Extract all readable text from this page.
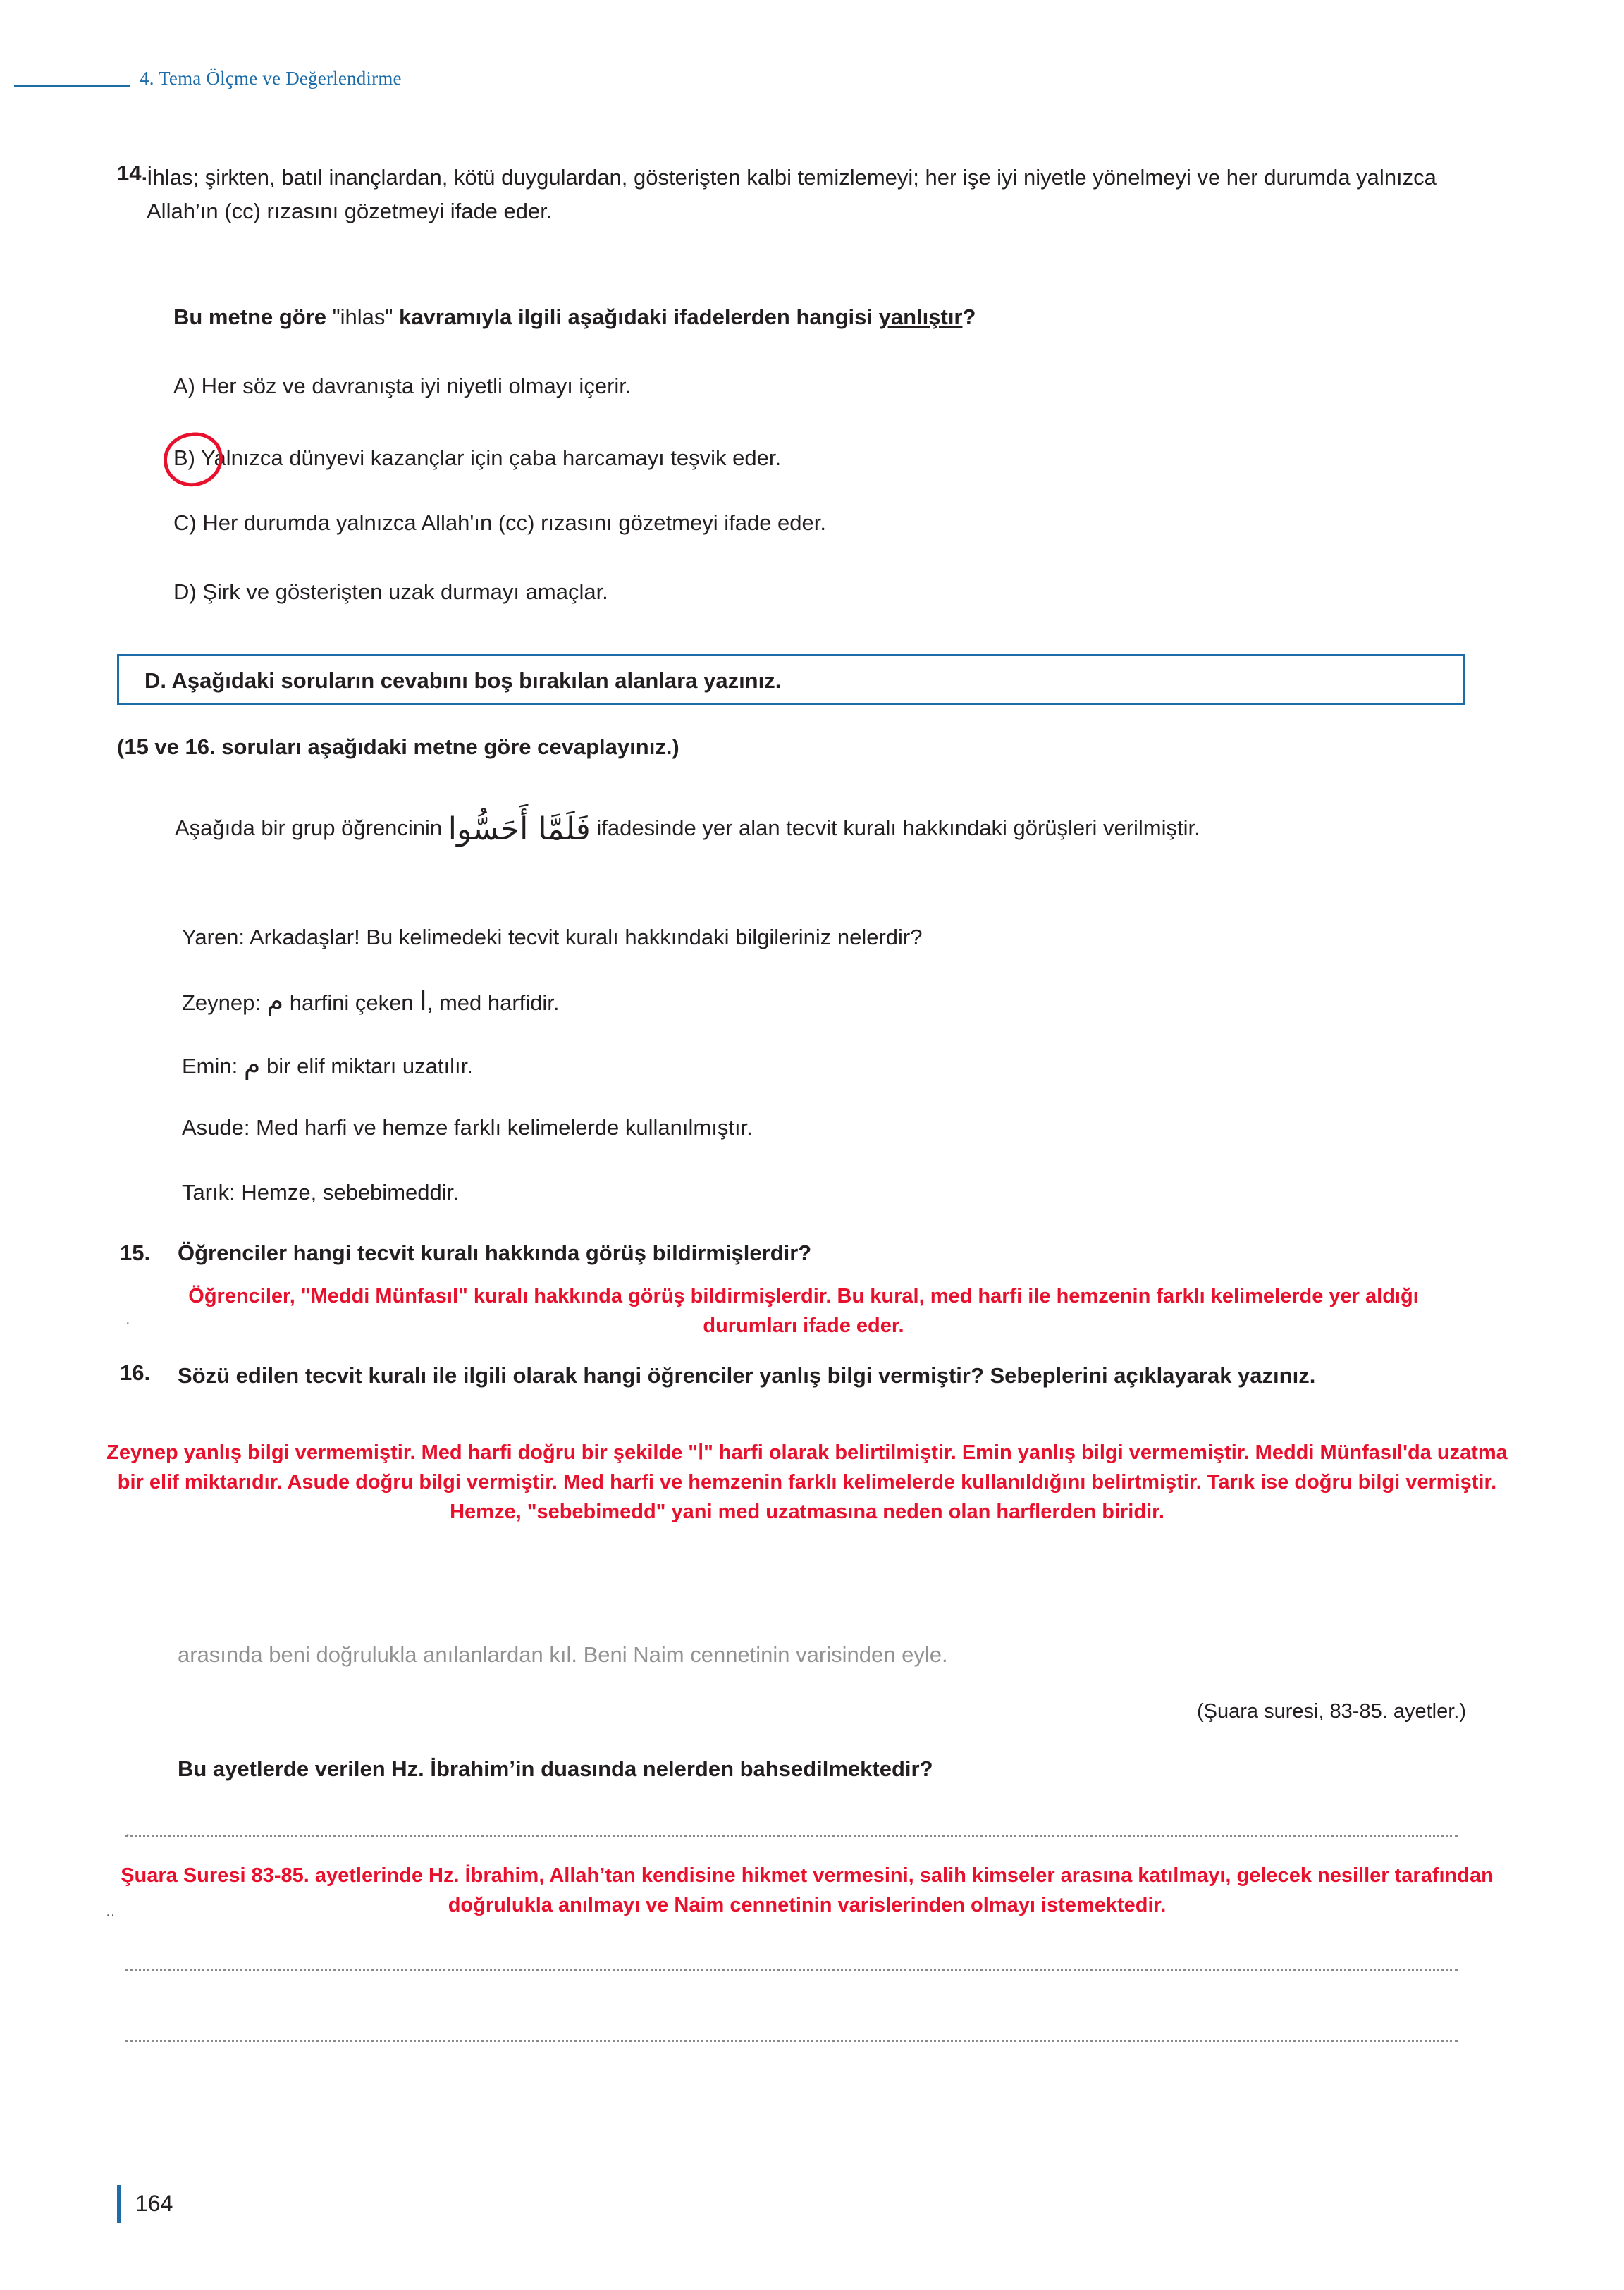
4. Tema Ölçme ve Değerlendirme
14.
İhlas; şirkten, batıl inançlardan, kötü duygulardan, gösterişten kalbi temizlemeyi; her işe iyi niyetle yönelmeyi ve her durumda yalnızca Allah’ın (cc) rızasını gözetmeyi ifade eder.
Bu metne göre "ihlas" kavramıyla ilgili aşağıdaki ifadelerden hangisi yanlıştır?
A) Her söz ve davranışta iyi niyetli olmayı içerir.
B) Yalnızca dünyevi kazançlar için çaba harcamayı teşvik eder.
C) Her durumda yalnızca Allah'ın (cc) rızasını gözetmeyi ifade eder.
D) Şirk ve gösterişten uzak durmayı amaçlar.
D. Aşağıdaki soruların cevabını boş bırakılan alanlara yazınız.
(15 ve 16. soruları aşağıdaki metne göre cevaplayınız.)
Aşağıda bir grup öğrencinin فَلَمَّا أَحَسُّوا ifadesinde yer alan tecvit kuralı hakkındaki görüşleri verilmiştir.
Yaren: Arkadaşlar! Bu kelimedeki tecvit kuralı hakkındaki bilgileriniz nelerdir?
Zeynep: م harfini çeken ا, med harfidir.
Emin: م bir elif miktarı uzatılır.
Asude: Med harfi ve hemze farklı kelimelerde kullanılmıştır.
Tarık: Hemze, sebebimeddir.
15. Öğrenciler hangi tecvit kuralı hakkında görüş bildirmişlerdir?
·
Öğrenciler, "Meddi Münfasıl" kuralı hakkında görüş bildirmişlerdir. Bu kural, med harfi ile hemzenin farklı kelimelerde yer aldığı durumları ifade eder.
16. Sözü edilen tecvit kuralı ile ilgili olarak hangi öğrenciler yanlış bilgi vermiştir? Sebeplerini açıklayarak yazınız.
Zeynep yanlış bilgi vermemiştir. Med harfi doğru bir şekilde "ا" harfi olarak belirtilmiştir. Emin yanlış bilgi vermemiştir. Meddi Münfasıl'da uzatma bir elif miktarıdır. Asude doğru bilgi vermiştir. Med harfi ve hemzenin farklı kelimelerde kullanıldığını belirtmiştir. Tarık ise doğru bilgi vermiştir. Hemze, "sebebimedd" yani med uzatmasına neden olan harflerden biridir.
arasında beni doğrulukla anılanlardan kıl. Beni Naim cennetinin varisinden eyle.
(Şuara suresi, 83-85. ayetler.)
Bu ayetlerde verilen Hz. İbrahim’in duasında nelerden bahsedilmektedir?
·
··
Şuara Suresi 83-85. ayetlerinde Hz. İbrahim, Allah’tan kendisine hikmet vermesini, salih kimseler arasına katılmayı, gelecek nesiller tarafından doğrulukla anılmayı ve Naim cennetinin varislerinden olmayı istemektedir.
164
